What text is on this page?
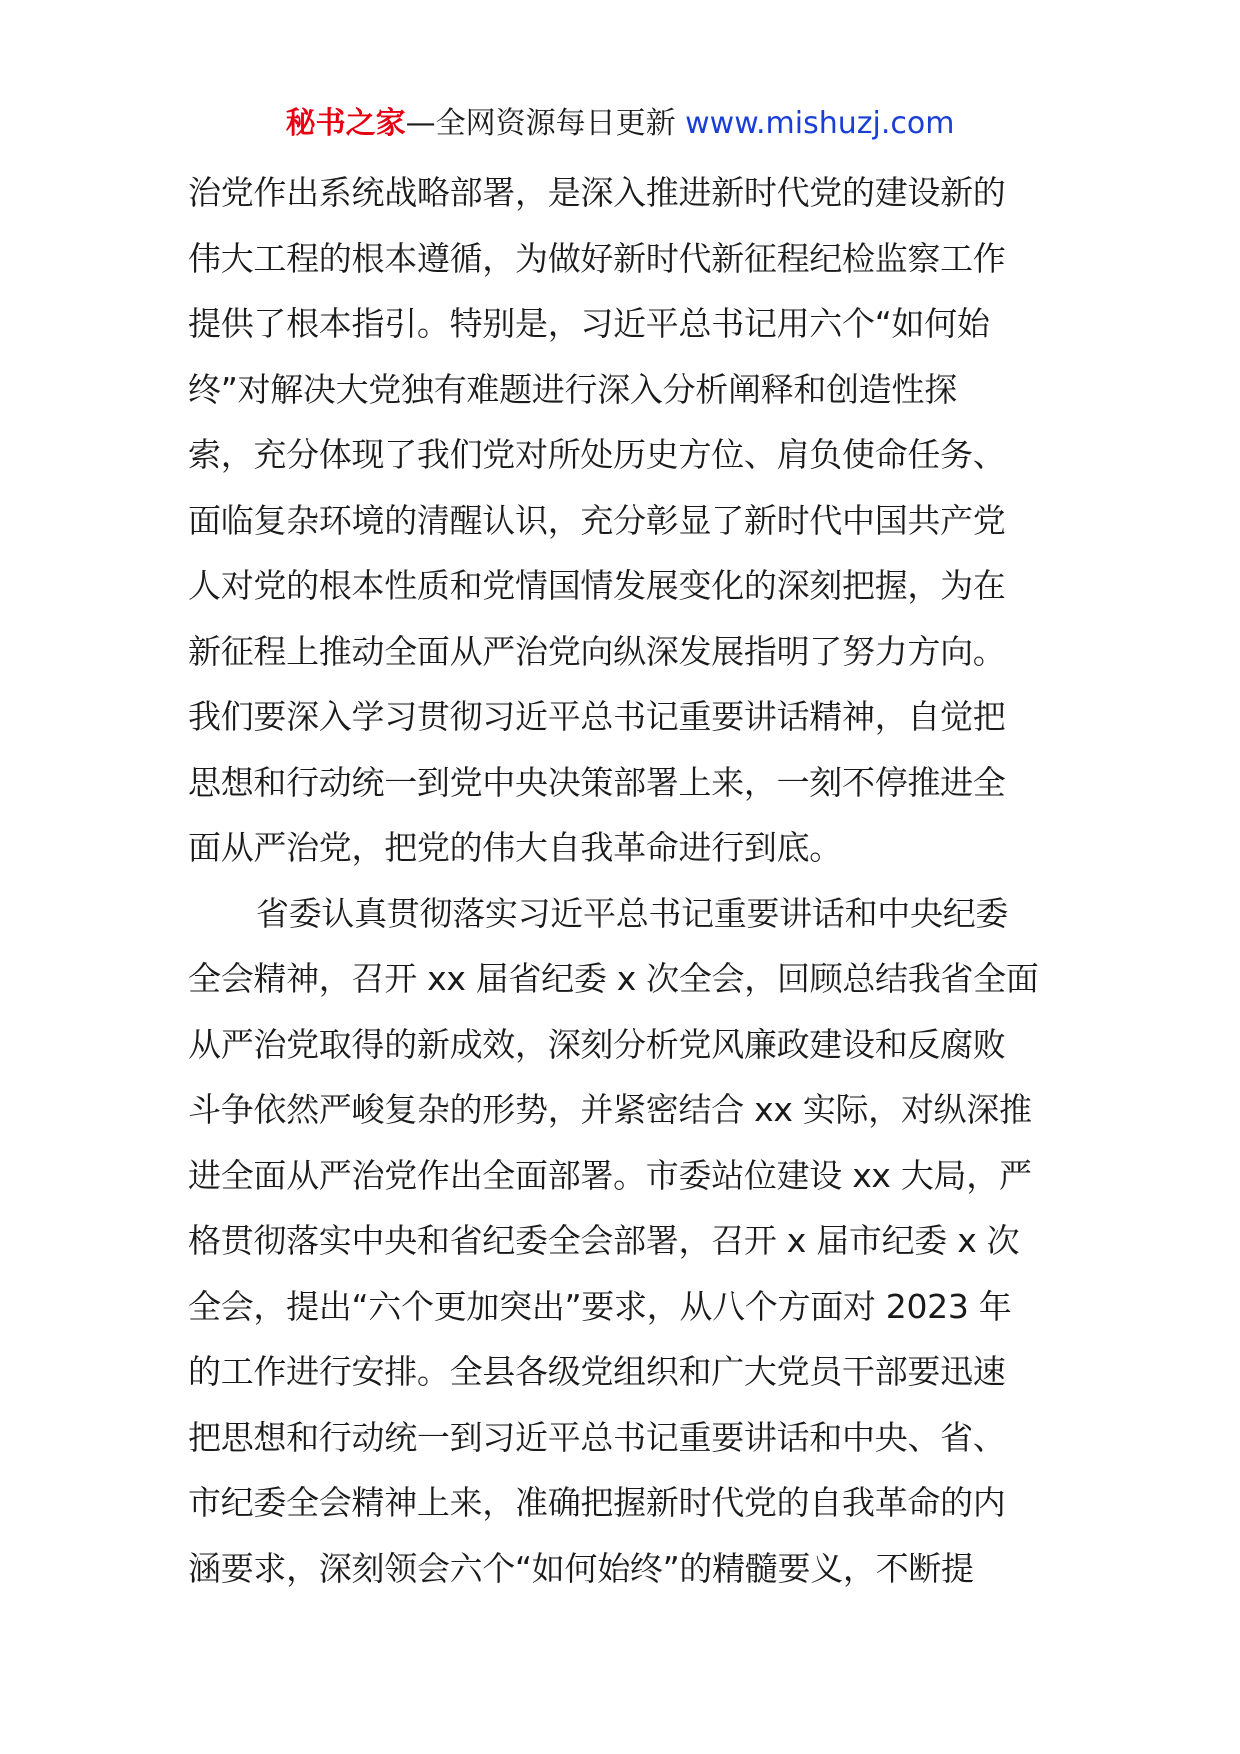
秘书之家—全网资源每日更新 www.mishuzj.com
治党作出系统战略部署，是深入推进新时代党的建设新的
伟大工程的根本遵循，为做好新时代新征程纪检监察工作
提供了根本指引。特别是，习近平总书记用六个“如何始
终”对解决大党独有难题进行深入分析阐释和创造性探
索，充分体现了我们党对所处历史方位、肩负使命任务、
面临复杂环境的清醒认识，充分彰显了新时代中国共产党
人对党的根本性质和党情国情发展变化的深刻把握，为在
新征程上推动全面从严治党向纵深发展指明了努力方向。
我们要深入学习贯彻习近平总书记重要讲话精神，自觉把
思想和行动统一到党中央决策部署上来，一刻不停推进全
面从严治党，把党的伟大自我革命进行到底。
省委认真贯彻落实习近平总书记重要讲话和中央纪委
全会精神，召开 xx 届省纪委 x 次全会，回顾总结我省全面
从严治党取得的新成效，深刻分析党风廉政建设和反腐败
斗争依然严峻复杂的形势，并紧密结合 xx 实际，对纵深推
进全面从严治党作出全面部署。市委站位建设 xx 大局，严
格贯彻落实中央和省纪委全会部署，召开 x 届市纪委 x 次
全会，提出“六个更加突出”要求，从八个方面对 2023 年
的工作进行安排。全县各级党组织和广大党员干部要迅速
把思想和行动统一到习近平总书记重要讲话和中央、省、
市纪委全会精神上来，准确把握新时代党的自我革命的内
涵要求，深刻领会六个“如何始终”的精髓要义，不断提
